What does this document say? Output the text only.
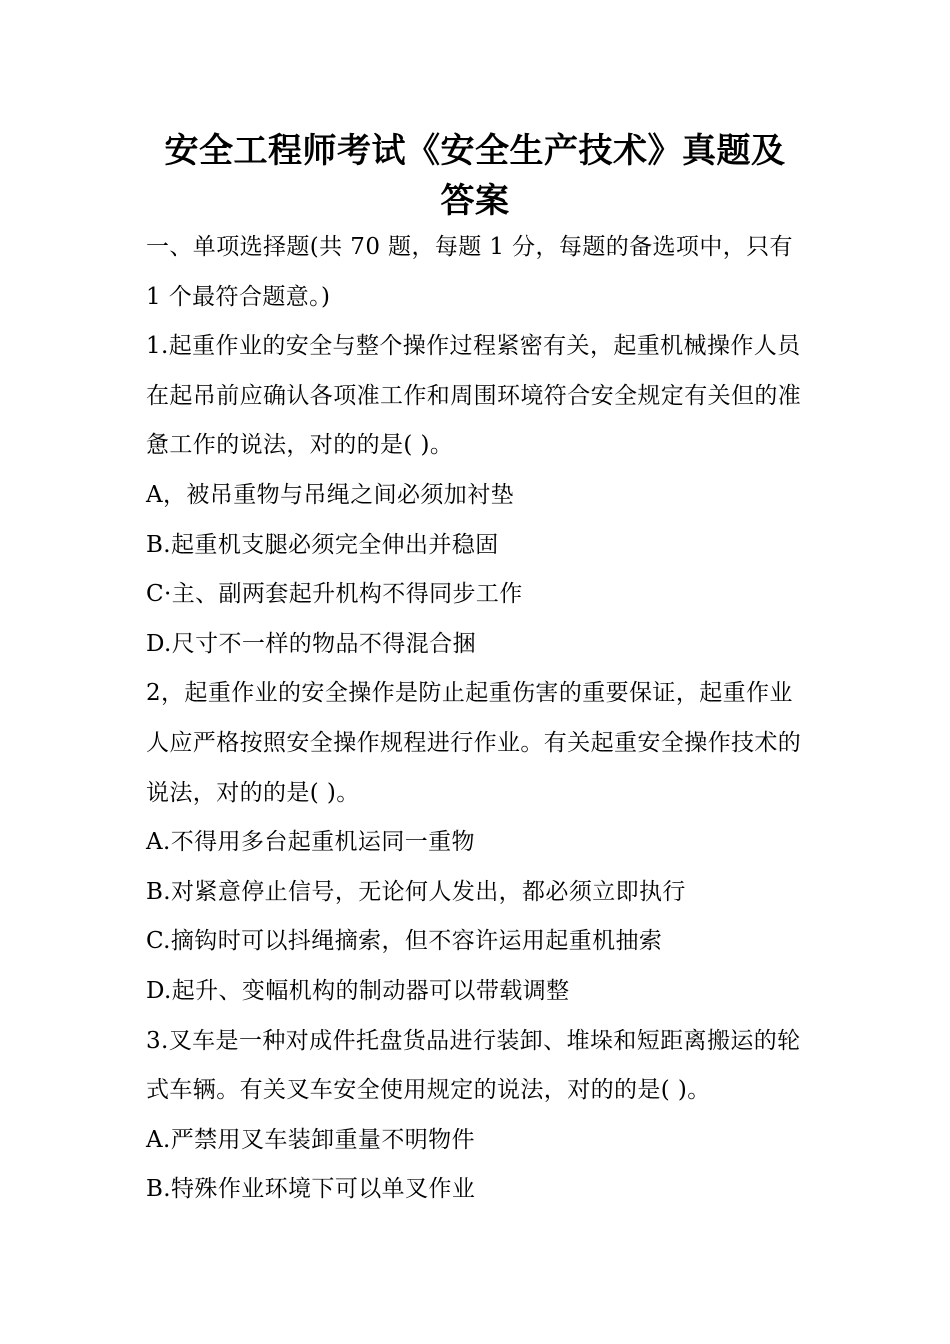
安全工程师考试《安全生产技术》真题及
答案

一、单项选择题(共 70 题，每题 1 分，每题的备选项中，只有 1 个最符合题意。)

1.起重作业的安全与整个操作过程紧密有关，起重机械操作人员在起吊前应确认各项准工作和周围环境符合安全规定有关但的准惫工作的说法，对的的是( )。

A，被吊重物与吊绳之间必须加衬垫

B.起重机支腿必须完全伸出并稳固

C·主、副两套起升机构不得同步工作

D.尺寸不一样的物品不得混合捆

2，起重作业的安全操作是防止起重伤害的重要保证，起重作业人应严格按照安全操作规程进行作业。有关起重安全操作技术的说法，对的的是( )。

A.不得用多台起重机运同一重物

B.对紧意停止信号，无论何人发出，都必须立即执行

C.摘钩时可以抖绳摘索，但不容许运用起重机抽索

D.起升、变幅机构的制动器可以带载调整

3.叉车是一种对成件托盘货品进行装卸、堆垛和短距离搬运的轮式车辆。有关叉车安全使用规定的说法，对的的是( )。

A.严禁用叉车装卸重量不明物件

B.特殊作业环境下可以单叉作业
